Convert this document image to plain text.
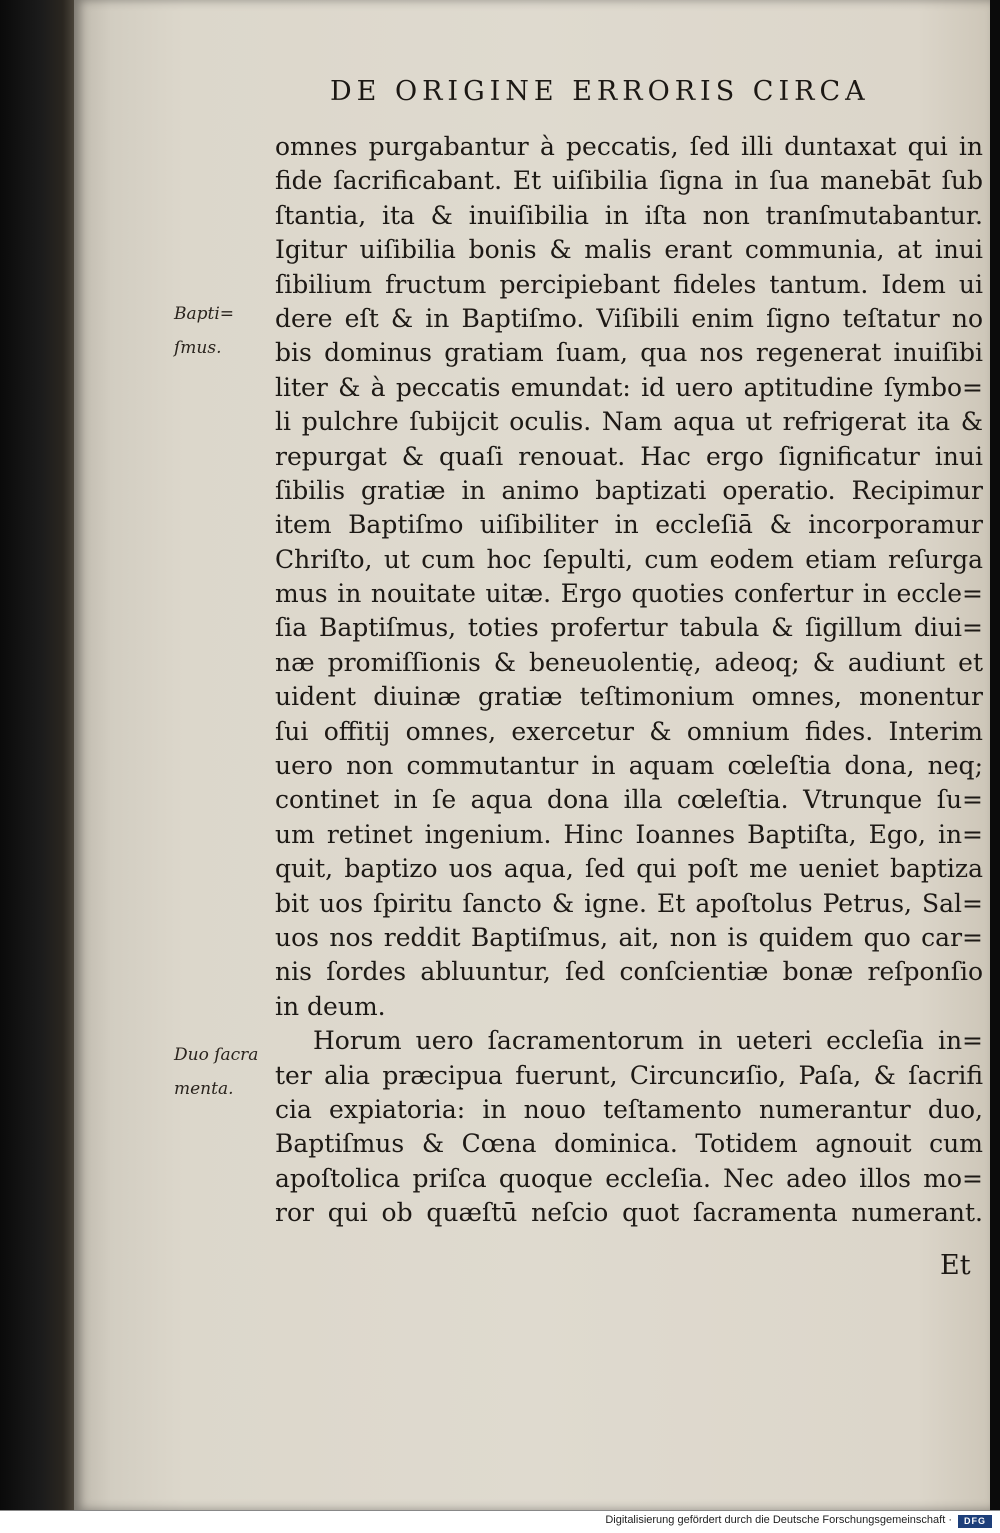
DE ORIGINE ERRORIS CIRCA
Bapti=
ſmus.
Duo ſacra
menta.
omnes purgabantur à peccatis, ſed illi duntaxat qui in
fide ſacrificabant. Et uiſibilia ſigna in ſua manebāt ſub
ſtantia, ita & inuiſibilia in iſta non tranſmutabantur.
Igitur uiſibilia bonis & malis erant communia, at inui
ſibilium fructum percipiebant fideles tantum. Idem ui
dere eſt & in Baptiſmo. Viſibili enim ſigno teſtatur no
bis dominus gratiam ſuam, qua nos regenerat inuiſibi
liter & à peccatis emundat: id uero aptitudine ſymbo=
li pulchre ſubijcit oculis. Nam aqua ut refrigerat ita &
repurgat & quaſi renouat. Hac ergo ſignificatur inui
ſibilis gratiæ in animo baptizati operatio. Recipimur
item Baptiſmo uiſibiliter in eccleſiā & incorporamur
Chriſto, ut cum hoc ſepulti, cum eodem etiam reſurga
mus in nouitate uitæ. Ergo quoties confertur in eccle=
ſia Baptiſmus, toties profertur tabula & ſigillum diui=
næ promiſſionis & beneuolentię, adeoq; & audiunt et
uident diuinæ gratiæ teſtimonium omnes, monentur
ſui offitij omnes, exercetur & omnium fides. Interim
uero non commutantur in aquam cœleſtia dona, neq;
continet in ſe aqua dona illa cœleſtia. Vtrunque ſu=
um retinet ingenium. Hinc Ioannes Baptiſta, Ego, in=
quit, baptizo uos aqua, ſed qui poſt me ueniet baptiza
bit uos ſpiritu ſancto & igne. Et apoſtolus Petrus, Sal=
uos nos reddit Baptiſmus, ait, non is quidem quo car=
nis ſordes abluuntur, ſed conſcientiæ bonæ reſponſio
in deum.
Horum uero ſacramentorum in ueteri eccleſia in=
ter alia præcipua fuerunt, Circuncиſio, Paſa, & ſacrifi
cia expiatoria: in nouo teſtamento numerantur duo,
Baptiſmus & Cœna dominica. Totidem agnouit cum
apoſtolica priſca quoque eccleſia. Nec adeo illos mo=
ror qui ob quæſtū neſcio quot ſacramenta numerant.
Et
Digitalisierung gefördert durch die Deutsche Forschungsgemeinschaft ·	DFG
